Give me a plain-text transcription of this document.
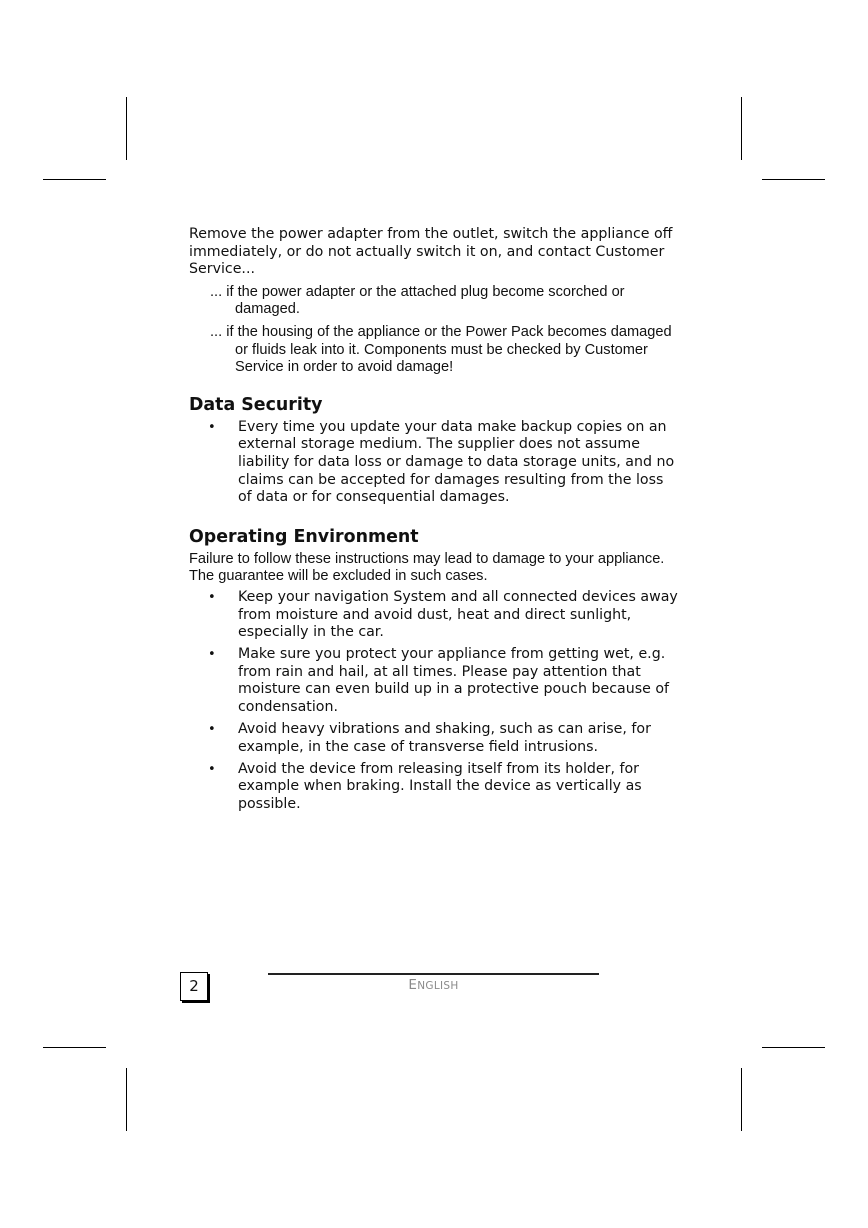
Remove the power adapter from the outlet, switch the appliance off immediately, or do not actually switch it on, and contact Customer Service...

... if the power adapter or the attached plug become scorched or damaged.
... if the housing of the appliance or the Power Pack becomes damaged or fluids leak into it. Components must be checked by Customer Service in order to avoid damage!
Data Security
• Every time you update your data make backup copies on an external storage medium. The supplier does not assume liability for data loss or damage to data storage units, and no claims can be accepted for damages resulting from the loss of data or for consequential damages.
Operating Environment

Failure to follow these instructions may lead to damage to your appliance. The guarantee will be excluded in such cases.

• Keep your navigation System and all connected devices away from moisture and avoid dust, heat and direct sunlight, especially in the car.
• Make sure you protect your appliance from getting wet, e.g. from rain and hail, at all times. Please pay attention that moisture can even build up in a protective pouch because of condensation.
• Avoid heavy vibrations and shaking, such as can arise, for example, in the case of transverse field intrusions.
• Avoid the device from releasing itself from its holder, for example when braking. Install the device as vertically as possible.
2	ENGLISH
